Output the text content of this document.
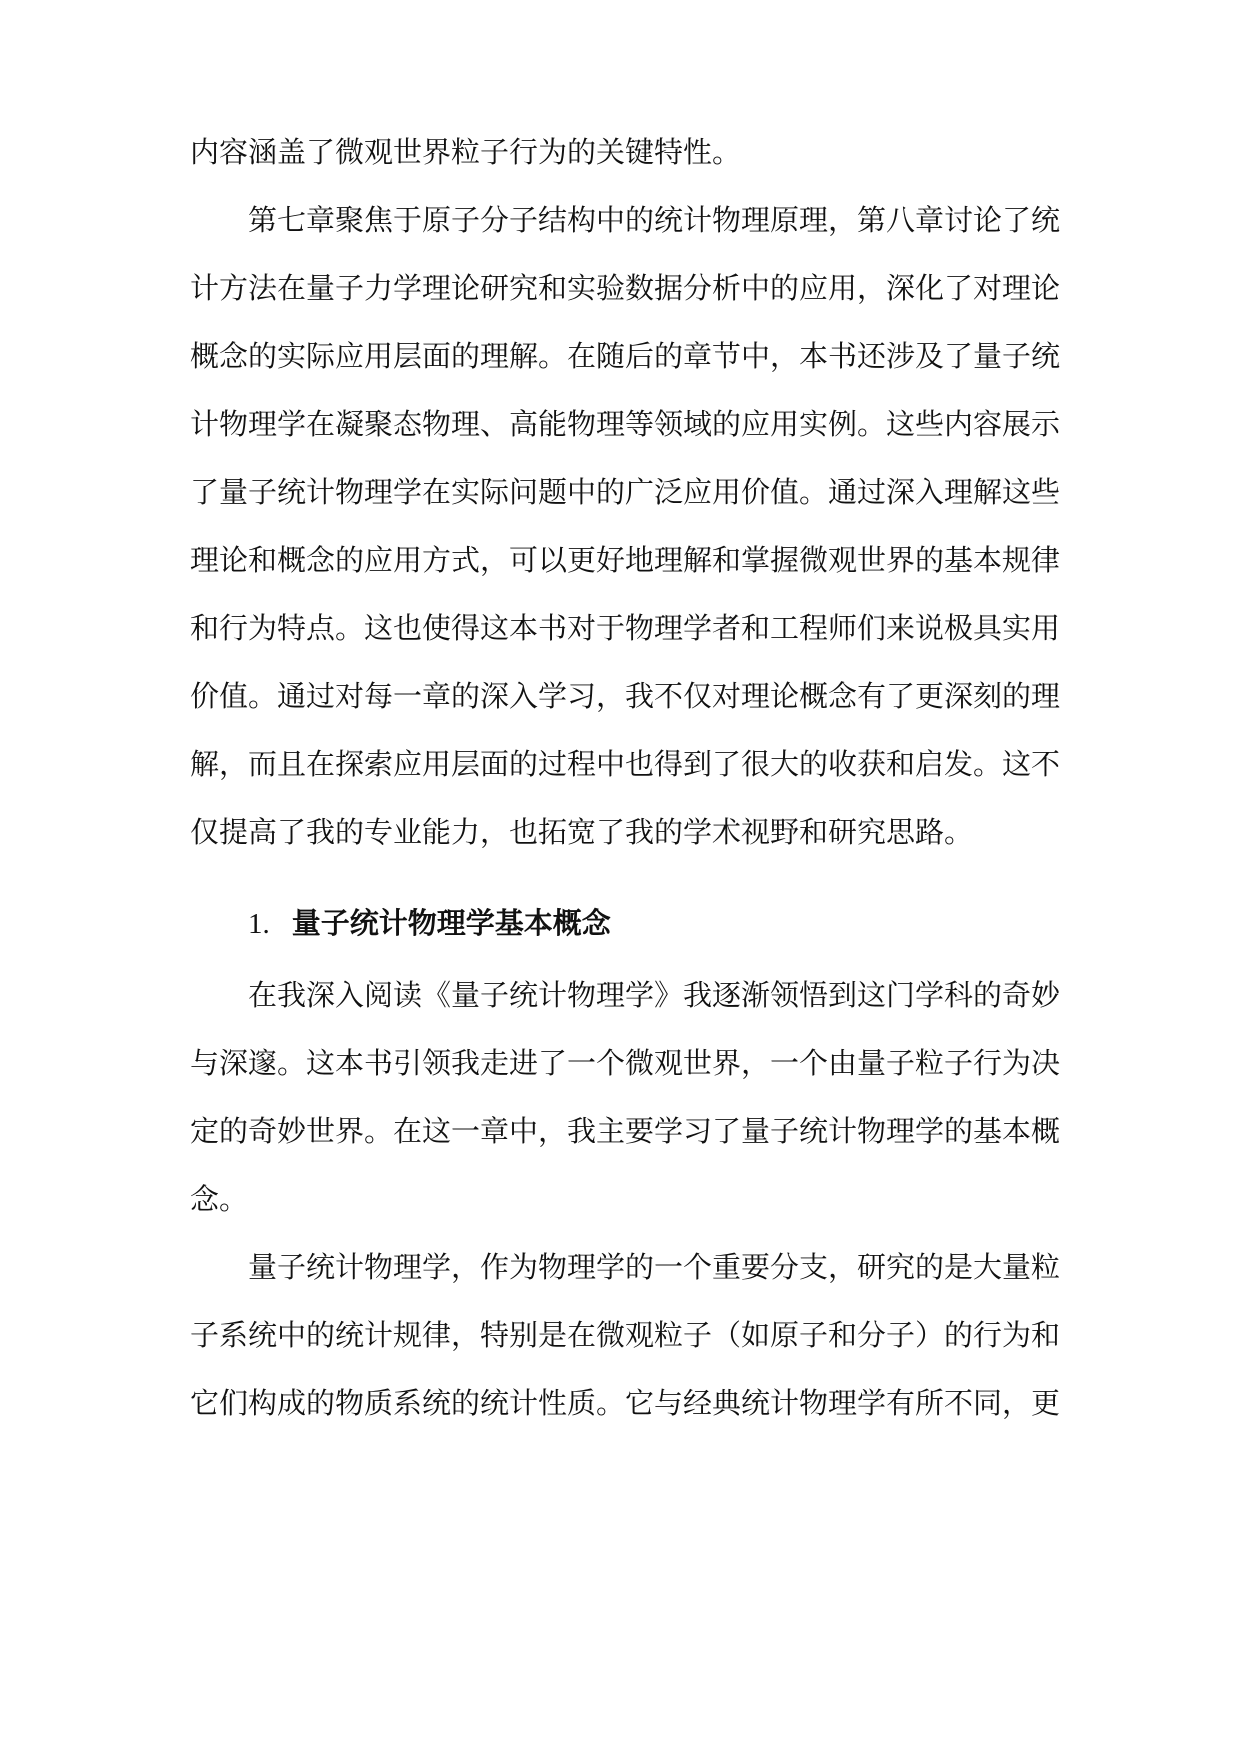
内容涵盖了微观世界粒子行为的关键特性。
第七章聚焦于原子分子结构中的统计物理原理，第八章讨论了统
计方法在量子力学理论研究和实验数据分析中的应用，深化了对理论
概念的实际应用层面的理解。在随后的章节中，本书还涉及了量子统
计物理学在凝聚态物理、高能物理等领域的应用实例。这些内容展示
了量子统计物理学在实际问题中的广泛应用价值。通过深入理解这些
理论和概念的应用方式，可以更好地理解和掌握微观世界的基本规律
和行为特点。这也使得这本书对于物理学者和工程师们来说极具实用
价值。通过对每一章的深入学习，我不仅对理论概念有了更深刻的理
解，而且在探索应用层面的过程中也得到了很大的收获和启发。这不
仅提高了我的专业能力，也拓宽了我的学术视野和研究思路。
1. 量子统计物理学基本概念
在我深入阅读《量子统计物理学》我逐渐领悟到这门学科的奇妙
与深邃。这本书引领我走进了一个微观世界，一个由量子粒子行为决
定的奇妙世界。在这一章中，我主要学习了量子统计物理学的基本概
念。
量子统计物理学，作为物理学的一个重要分支，研究的是大量粒
子系统中的统计规律，特别是在微观粒子（如原子和分子）的行为和
它们构成的物质系统的统计性质。它与经典统计物理学有所不同，更
